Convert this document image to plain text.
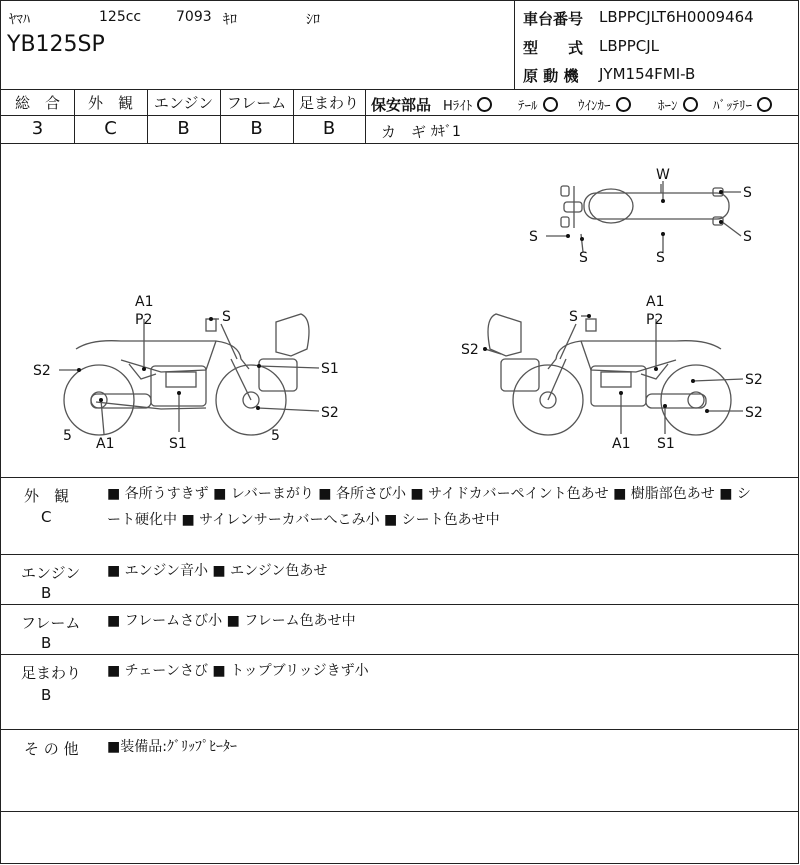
ﾔﾏﾊ	125cc 7093 ｷﾛ	ｼﾛ
YB125SP
車台番号 LBPPCJLT6H0009464
型　　式 LBPPCJL
原 動 機 JYM154FMI-B
総　合	外　観	エンジン フレーム 足まわり
3	C	B	B	B
保安部品 Hﾗｲﾄ	ﾃｰﾙ	ｳｲﾝｶｰ	ﾎｰﾝ	ﾊﾞｯﾃﾘｰ
カ　ギ ｶｷﾞ1
W
S
S
S
S	S
A1
P2	S
S1
S2
S2
5 A1	S1	5
A1
P2
S
S2
S2
S2
A1 S1
外　観
C
■ 各所うすきず ■ レバーまがり ■ 各所さび小 ■ サイドカバーペイント色あせ ■ 樹脂部色あせ ■ シ
ート硬化中 ■ サイレンサーカバーへこみ小 ■ シート色あせ中
エンジン
B
■ エンジン音小 ■ エンジン色あせ
フレーム
B
■ フレームさび小 ■ フレーム色あせ中
足まわり
B
■ チェーンさび ■ トップブリッジきず小
そ の 他 ■装備品:ｸﾞﾘｯﾌﾟﾋｰﾀｰ
